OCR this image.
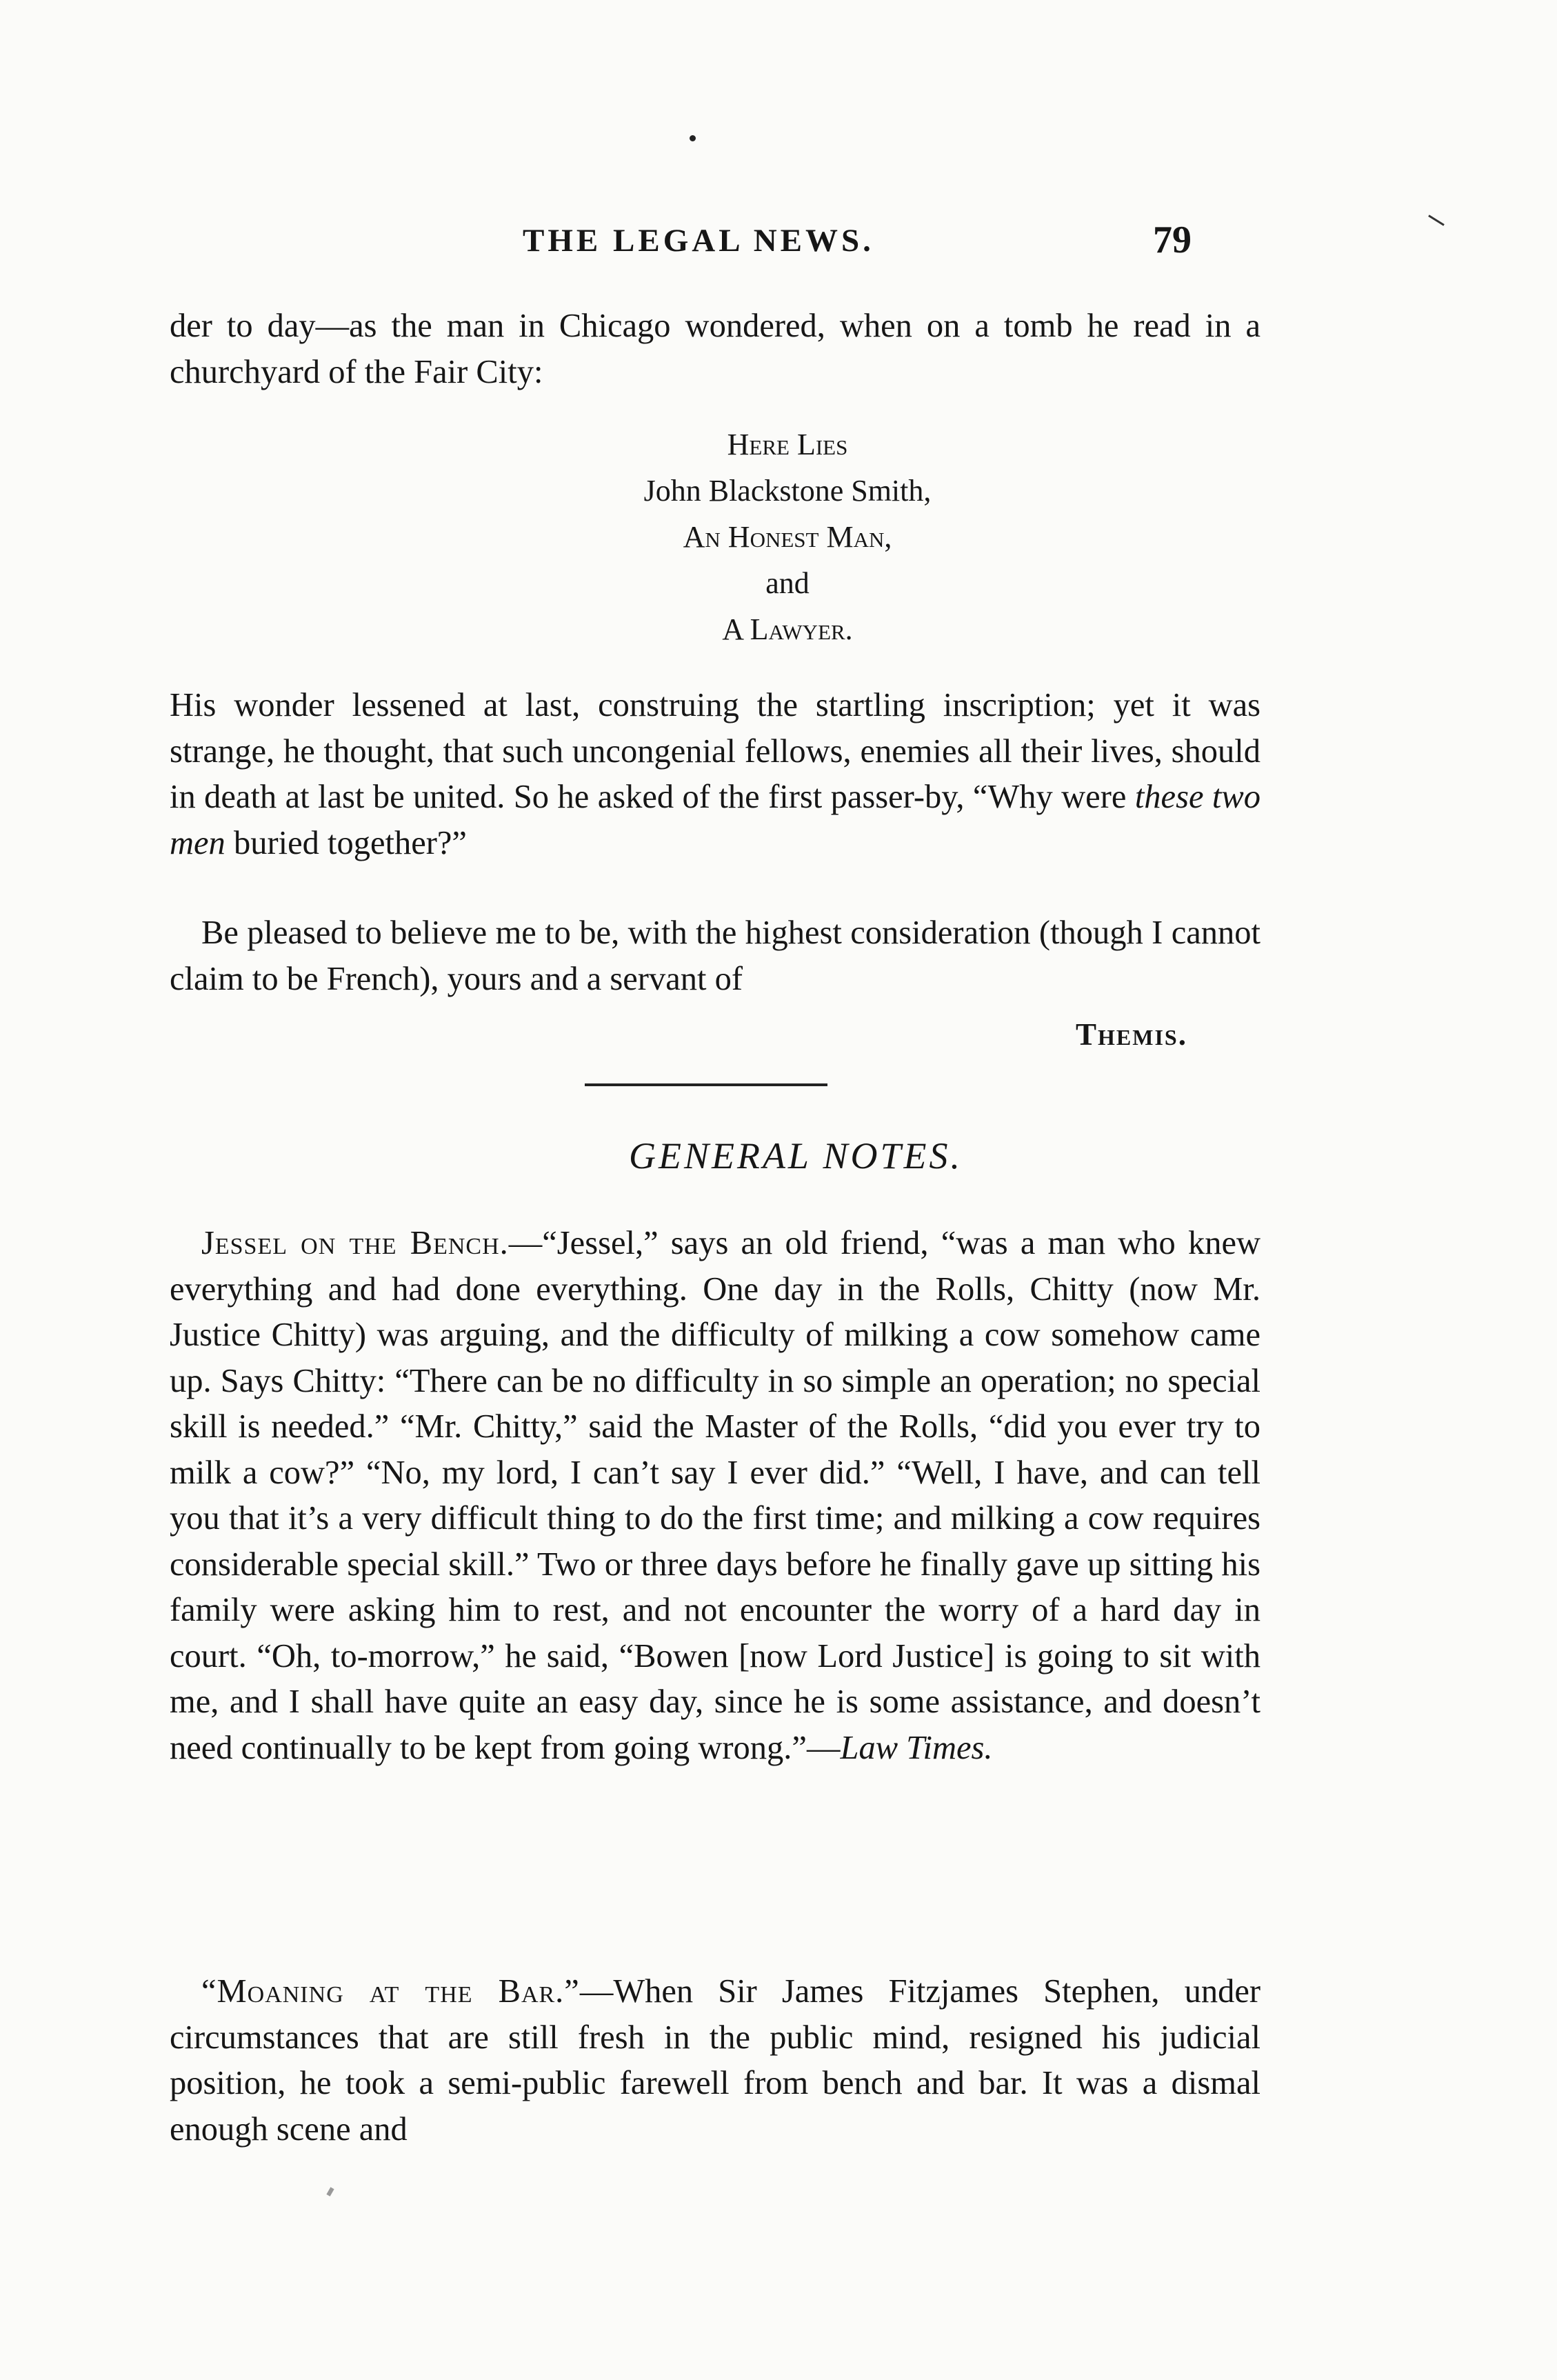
THE LEGAL NEWS.	79

der to day—as the man in Chicago wondered, when on a tomb he read in a churchyard of the Fair City:

Here Lies
John Blackstone Smith,
An Honest Man,
and
A Lawyer.

His wonder lessened at last, construing the startling inscription; yet it was strange, he thought, that such uncongenial fellows, enemies all their lives, should in death at last be united. So he asked of the first passer-by, “Why were these two men buried together?”

Be pleased to believe me to be, with the highest consideration (though I cannot claim to be French), yours and a servant of

Themis.
GENERAL NOTES.

Jessel on the Bench.—“Jessel,” says an old friend, “was a man who knew everything and had done everything. One day in the Rolls, Chitty (now Mr. Justice Chitty) was arguing, and the difficulty of milking a cow somehow came up. Says Chitty: “There can be no difficulty in so simple an operation; no special skill is needed.” “Mr. Chitty,” said the Master of the Rolls, “did you ever try to milk a cow?” “No, my lord, I can’t say I ever did.” “Well, I have, and can tell you that it’s a very difficult thing to do the first time; and milking a cow requires considerable special skill.” Two or three days before he finally gave up sitting his family were asking him to rest, and not encounter the worry of a hard day in court. “Oh, to-morrow,” he said, “Bowen [now Lord Justice] is going to sit with me, and I shall have quite an easy day, since he is some assistance, and doesn’t need continually to be kept from going wrong.”—Law Times.

“Moaning at the Bar.”—When Sir James Fitzjames Stephen, under circumstances that are still fresh in the public mind, resigned his judicial position, he took a semi-public farewell from bench and bar. It was a dismal enough scene and
